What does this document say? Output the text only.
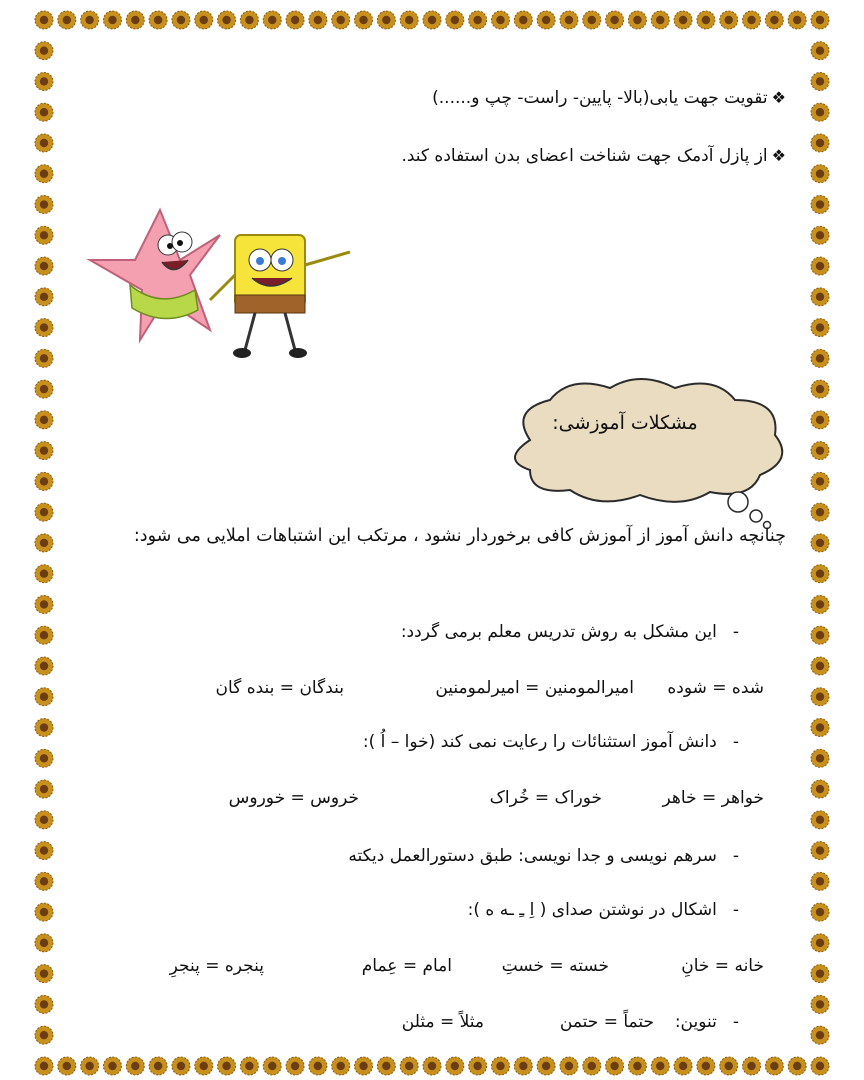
❖تقویت جهت یابی(بالا- پایین- راست- چپ و......)
❖از پازل آدمک جهت شناخت اعضای بدن استفاده کند.
مشکلات آموزشی:
چنانچه دانش آموز از آموزش کافی برخوردار نشود ، مرتکب این اشتباهات املایی می شود:
-این مشکل به روش تدریس معلم برمی گردد:
شده = شوده
امیرالمومنین = امیرلمومنین
بندگان = بنده گان
-دانش آموز استثنائات را رعایت نمی کند (خوا – اُ ):
خواهر = خاهر
خوراک = خُراک
خروس = خوروس
-سرهم نویسی و جدا نویسی: طبق دستورالعمل دیکته
-اشکال در نوشتن صدای ( اِ ـِ ـه ه ):
خانه = خانِ
خسته = خستِ
امام = عِمام
پنجره = پنجرِ
-تنوین:
حتماً = حتمن
مثلاً = مثلن
